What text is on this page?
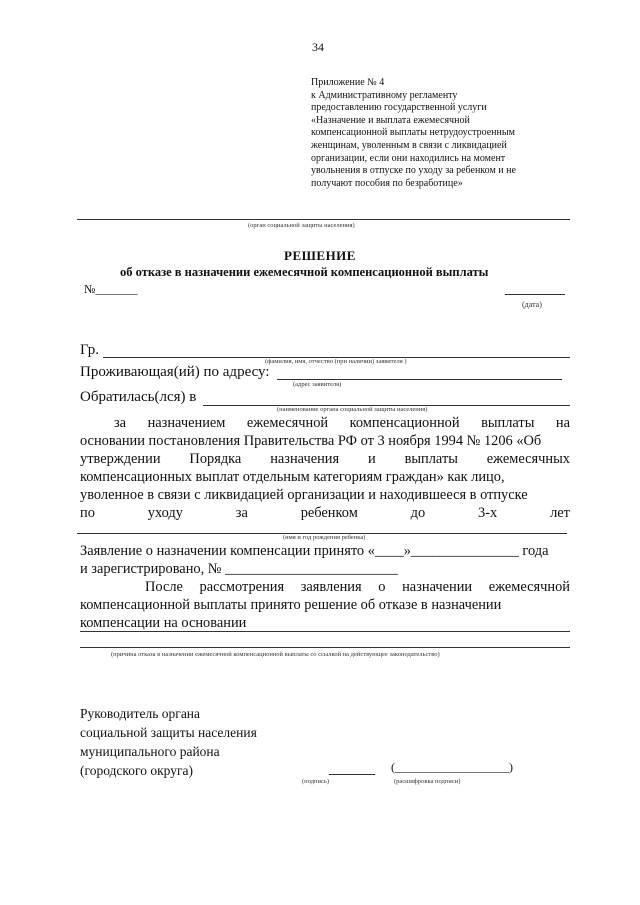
34
Приложение № 4
к Административному регламенту
предоставлению государственной услуги
«Назначение и выплата ежемесячной
компенсационной выплаты нетрудоустроенным
женщинам, уволенным в связи с ликвидацией
организации, если они находились на момент
увольнения в отпуске по уходу за ребенком и не
получают пособия по безработице»
(орган социальной защиты населения)
РЕШЕНИЕ
об отказе в назначении ежемесячной компенсационной выплаты
№_______
(дата)
Гр.
(фамилия, имя, отчество (при наличии) заявителя )
Проживающая(ий) по адресу:
(адрес заявителя)
Обратилась(лся) в
(наименование органа социальной защиты населения)
за назначением ежемесячной компенсационной выплаты на
основании постановления Правительства РФ от 3 ноября 1994 № 1206 «Об
утверждении Порядка назначения и выплаты ежемесячных
компенсационных выплат отдельным категориям граждан» как лицо,
уволенное в связи с ликвидацией организации и находившееся в отпуске
по	уходу	за	ребенком	до	3-х	лет
(имя и год рождения ребенка)
Заявление о назначении компенсации принято «____»_______________ года
и зарегистрировано, № ________________________
После рассмотрения заявления о назначении ежемесячной
компенсационной выплаты принято решение об отказе в назначении
компенсации на основании
(причина отказа в назначении ежемесячной компенсационной выплаты со ссылкой на действующее законодательство)
Руководитель органа
социальной защиты населения
муниципального района
(городского округа)
(подпись)
(___________________)
(расшифровка подписи)
